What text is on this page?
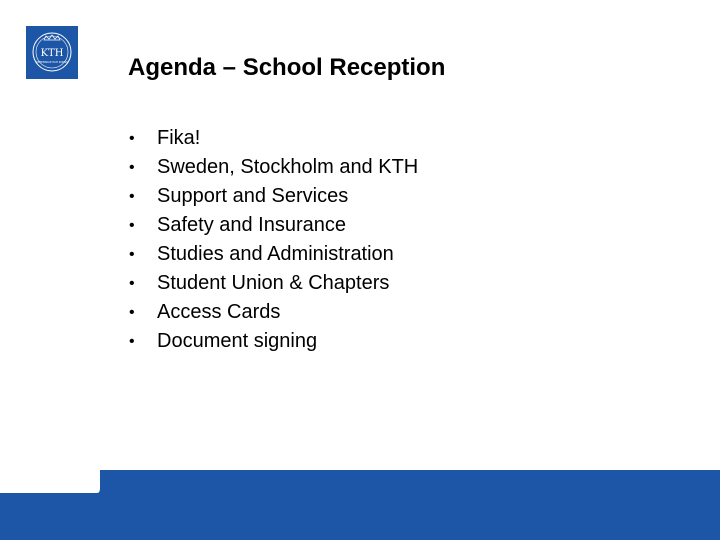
KTH
VETENSKAP OCH KONST	Agenda – School Reception
•	Fika!
•	Sweden, Stockholm and KTH
•	Support and Services
•	Safety and Insurance
•	Studies and Administration
•	Student Union & Chapters
•	Access Cards
•	Document signing
